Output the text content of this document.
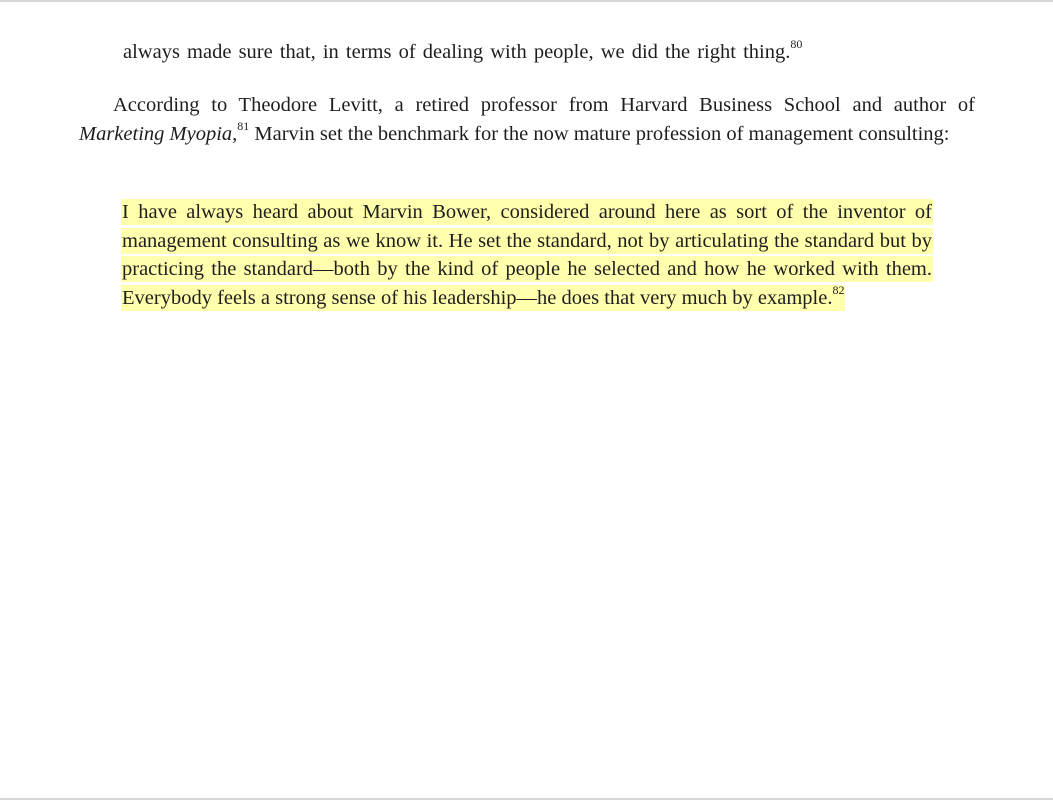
always made sure that, in terms of dealing with people, we did the right thing.$^{80}$

According to Theodore Levitt, a retired professor from Harvard Business School and author of Marketing Myopia,$^{81}$ Marvin set the benchmark for the now mature profession of management consulting:

I have always heard about Marvin Bower, considered around here as sort of the inventor of management consulting as we know it. He set the standard, not by articulating the standard but by practicing the standard—both by the kind of people he selected and how he worked with them. Everybody feels a strong sense of his leadership—he does that very much by example.$^{82}$
